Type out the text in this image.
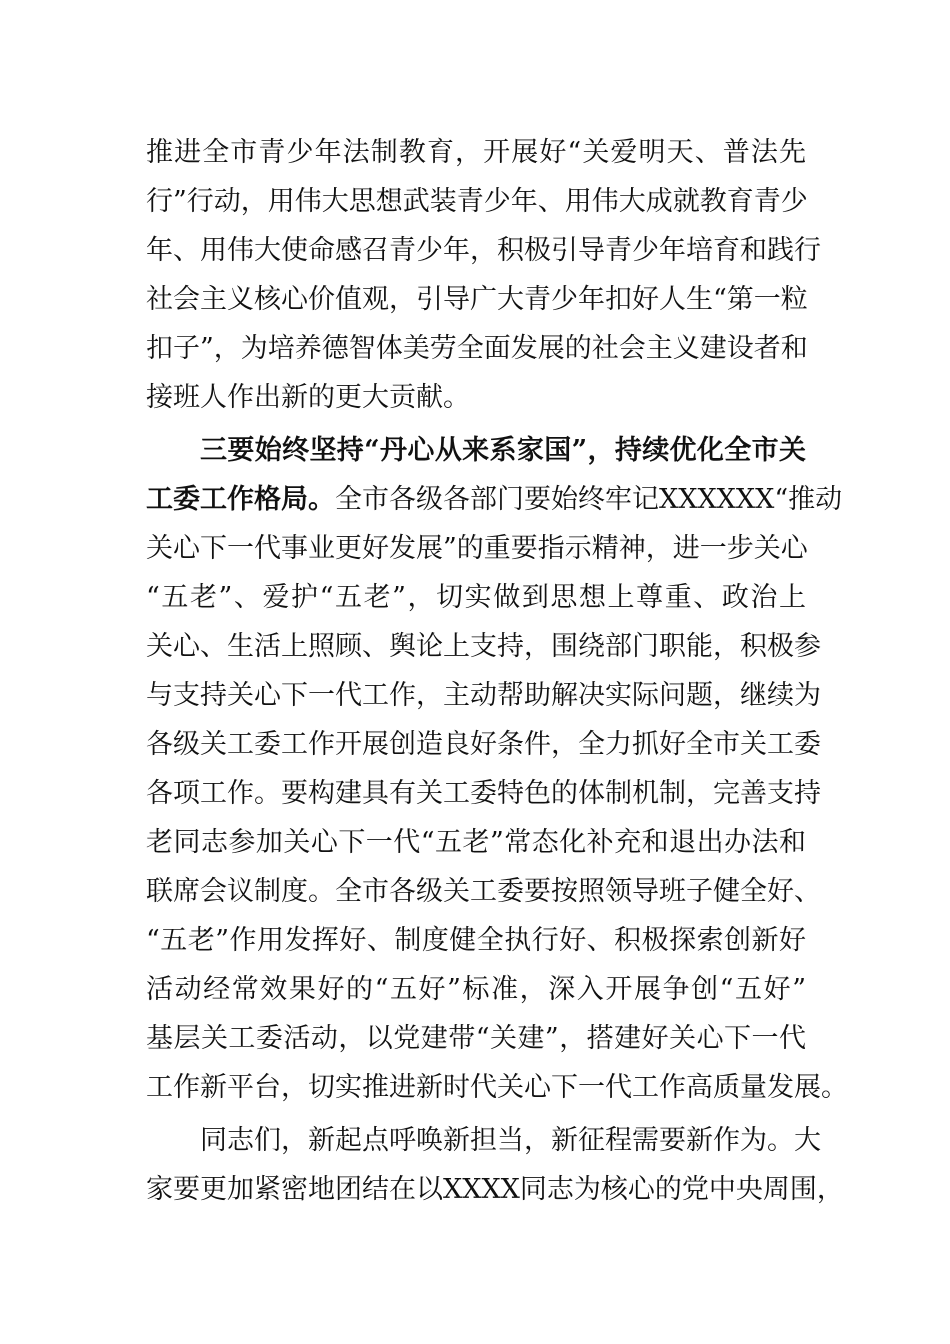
推进全市青少年法制教育，开展好“关爱明天、普法先
行”行动，用伟大思想武装青少年、用伟大成就教育青少
年、用伟大使命感召青少年，积极引导青少年培育和践行
社会主义核心价值观，引导广大青少年扣好人生“第一粒
扣子”，为培养德智体美劳全面发展的社会主义建设者和
接班人作出新的更大贡献。
三要始终坚持“丹心从来系家国”，持续优化全市关
工委工作格局。全市各级各部门要始终牢记XXXXXX“推动
关心下一代事业更好发展”的重要指示精神，进一步关心
“五老”、爱护“五老”，切实做到思想上尊重、政治上
关心、生活上照顾、舆论上支持，围绕部门职能，积极参
与支持关心下一代工作，主动帮助解决实际问题，继续为
各级关工委工作开展创造良好条件，全力抓好全市关工委
各项工作。要构建具有关工委特色的体制机制，完善支持
老同志参加关心下一代“五老”常态化补充和退出办法和
联席会议制度。全市各级关工委要按照领导班子健全好、
“五老”作用发挥好、制度健全执行好、积极探索创新好
活动经常效果好的“五好”标准，深入开展争创“五好”
基层关工委活动，以党建带“关建”，搭建好关心下一代
工作新平台，切实推进新时代关心下一代工作高质量发展。
同志们，新起点呼唤新担当，新征程需要新作为。大
家要更加紧密地团结在以XXXX同志为核心的党中央周围，
